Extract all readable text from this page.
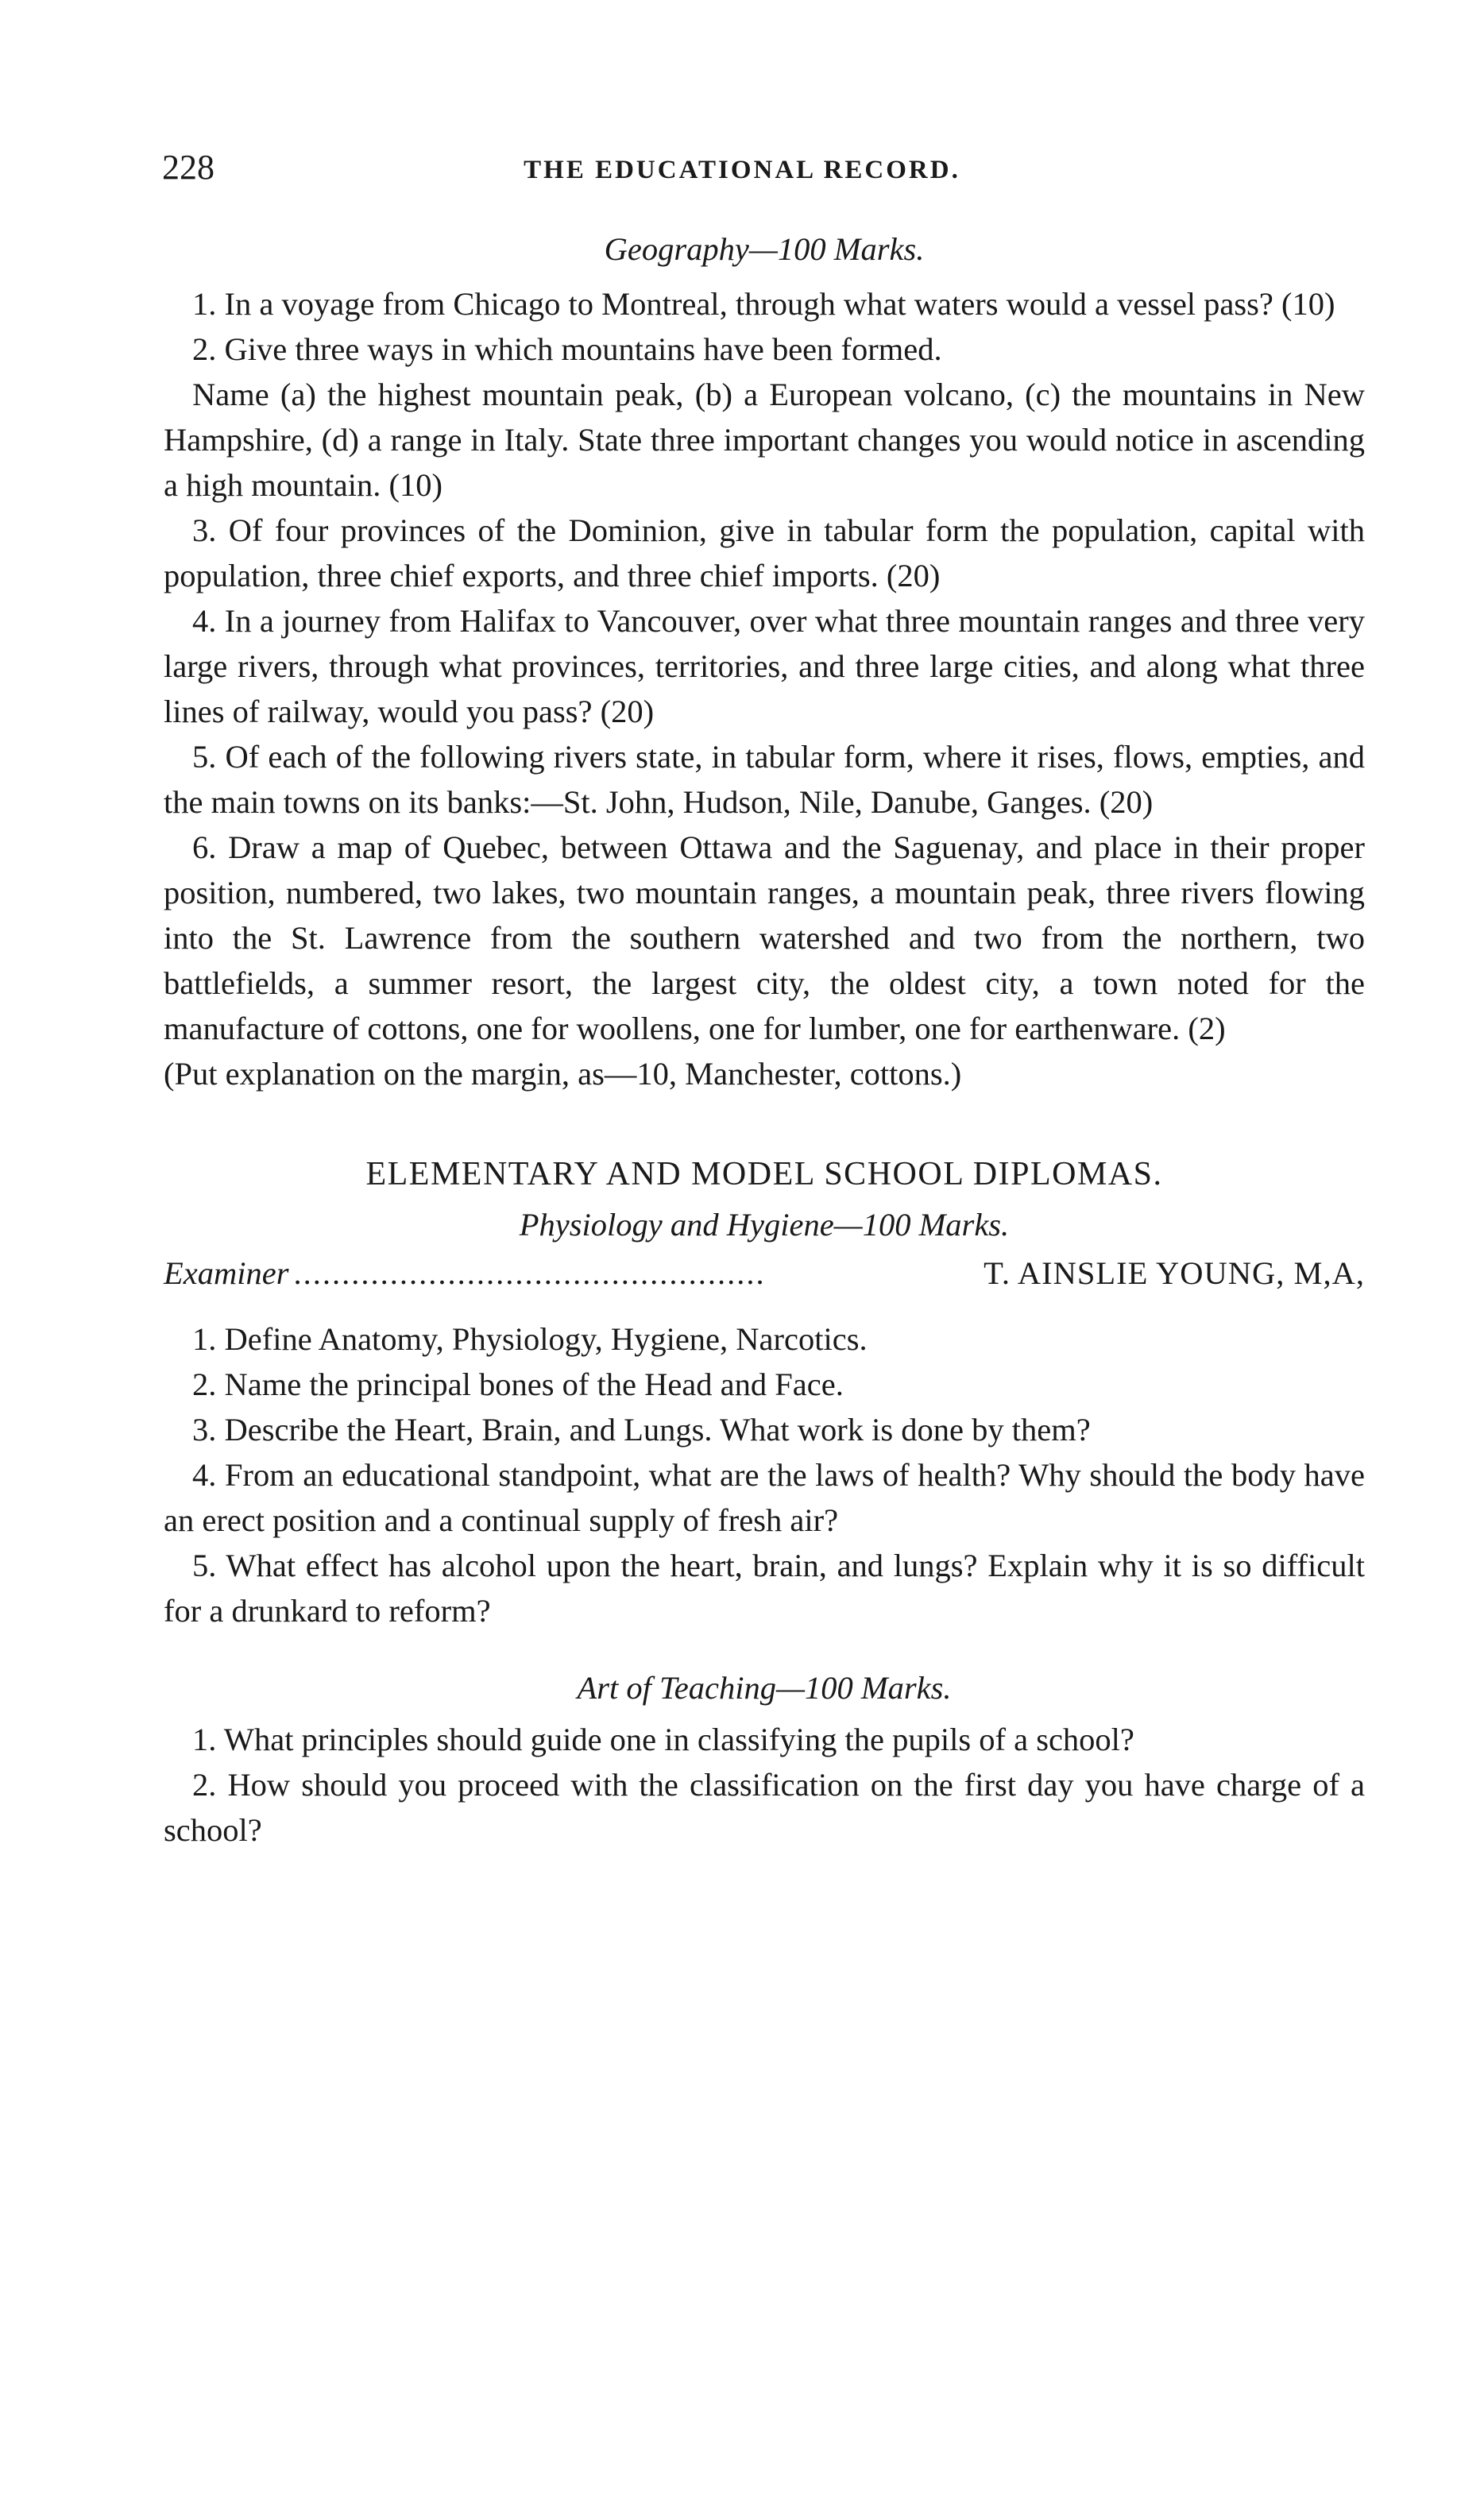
228	THE EDUCATIONAL RECORD.

Geography—100 Marks.

1. In a voyage from Chicago to Montreal, through what waters would a vessel pass? (10)

2. Give three ways in which mountains have been formed.

Name (a) the highest mountain peak, (b) a European volcano, (c) the mountains in New Hampshire, (d) a range in Italy. State three important changes you would notice in ascending a high mountain. (10)

3. Of four provinces of the Dominion, give in tabular form the population, capital with population, three chief exports, and three chief imports. (20)

4. In a journey from Halifax to Vancouver, over what three mountain ranges and three very large rivers, through what provinces, territories, and three large cities, and along what three lines of railway, would you pass? (20)

5. Of each of the following rivers state, in tabular form, where it rises, flows, empties, and the main towns on its banks:—St. John, Hudson, Nile, Danube, Ganges. (20)

6. Draw a map of Quebec, between Ottawa and the Saguenay, and place in their proper position, numbered, two lakes, two mountain ranges, a mountain peak, three rivers flowing into the St. Lawrence from the southern watershed and two from the northern, two battlefields, a summer resort, the largest city, the oldest city, a town noted for the manufacture of cottons, one for woollens, one for lumber, one for earthenware. (2)

(Put explanation on the margin, as—10, Manchester, cottons.)

ELEMENTARY AND MODEL SCHOOL DIPLOMAS.

Physiology and Hygiene—100 Marks.

Examiner .................................................	T. AINSLIE YOUNG, M,A,

1. Define Anatomy, Physiology, Hygiene, Narcotics.

2. Name the principal bones of the Head and Face.

3. Describe the Heart, Brain, and Lungs. What work is done by them?

4. From an educational standpoint, what are the laws of health? Why should the body have an erect position and a continual supply of fresh air?

5. What effect has alcohol upon the heart, brain, and lungs? Explain why it is so difficult for a drunkard to reform?

Art of Teaching—100 Marks.

1. What principles should guide one in classifying the pupils of a school?

2. How should you proceed with the classification on the first day you have charge of a school?
